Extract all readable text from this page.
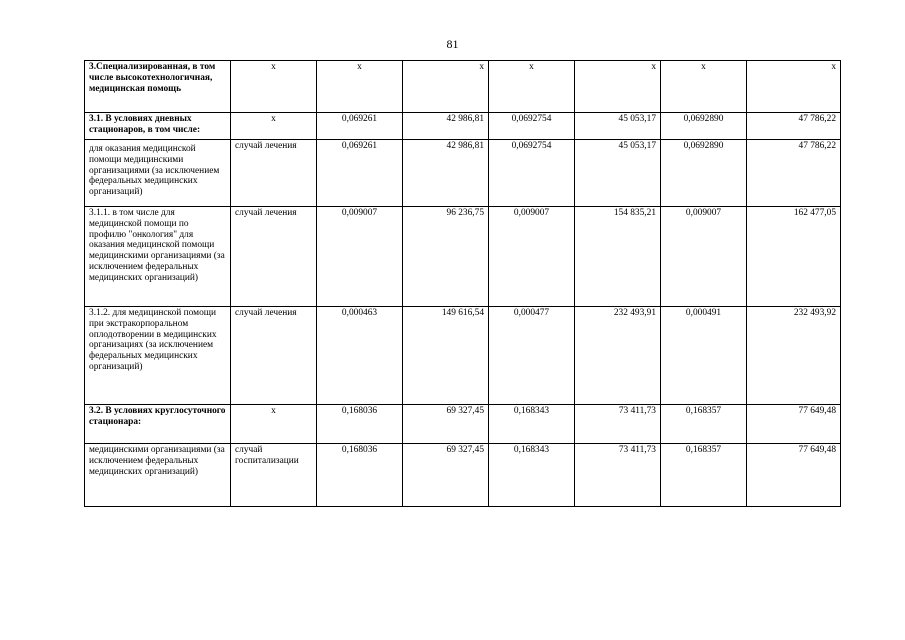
81
3.Специализированная, в том числе высокотехнологичная, медицинская помощь	х	х	х	х	х	х	х
3.1. В условиях дневных стационаров, в том числе:	х	0,069261	42 986,81	0,0692754	45 053,17	0,0692890	47 786,22
для оказания медицинской помощи медицинскими организациями (за исключением федеральных медицинских организаций)	случай лечения	0,069261	42 986,81	0,0692754	45 053,17	0,0692890	47 786,22
3.1.1. в том числе для медицинской помощи по профилю "онкология" для оказания медицинской помощи медицинскими организациями (за исключением федеральных медицинских организаций)	случай лечения	0,009007	96 236,75	0,009007	154 835,21	0,009007	162 477,05
3.1.2. для медицинской помощи при экстракорпоральном оплодотворении в медицинских организациях (за исключением федеральных медицинских организаций)	случай лечения	0,000463	149 616,54	0,000477	232 493,91	0,000491	232 493,92
3.2. В условиях круглосуточного стационара:	х	0,168036	69 327,45	0,168343	73 411,73	0,168357	77 649,48
медицинскими организациями (за исключением федеральных медицинских организаций)	случай госпитализации	0,168036	69 327,45	0,168343	73 411,73	0,168357	77 649,48
